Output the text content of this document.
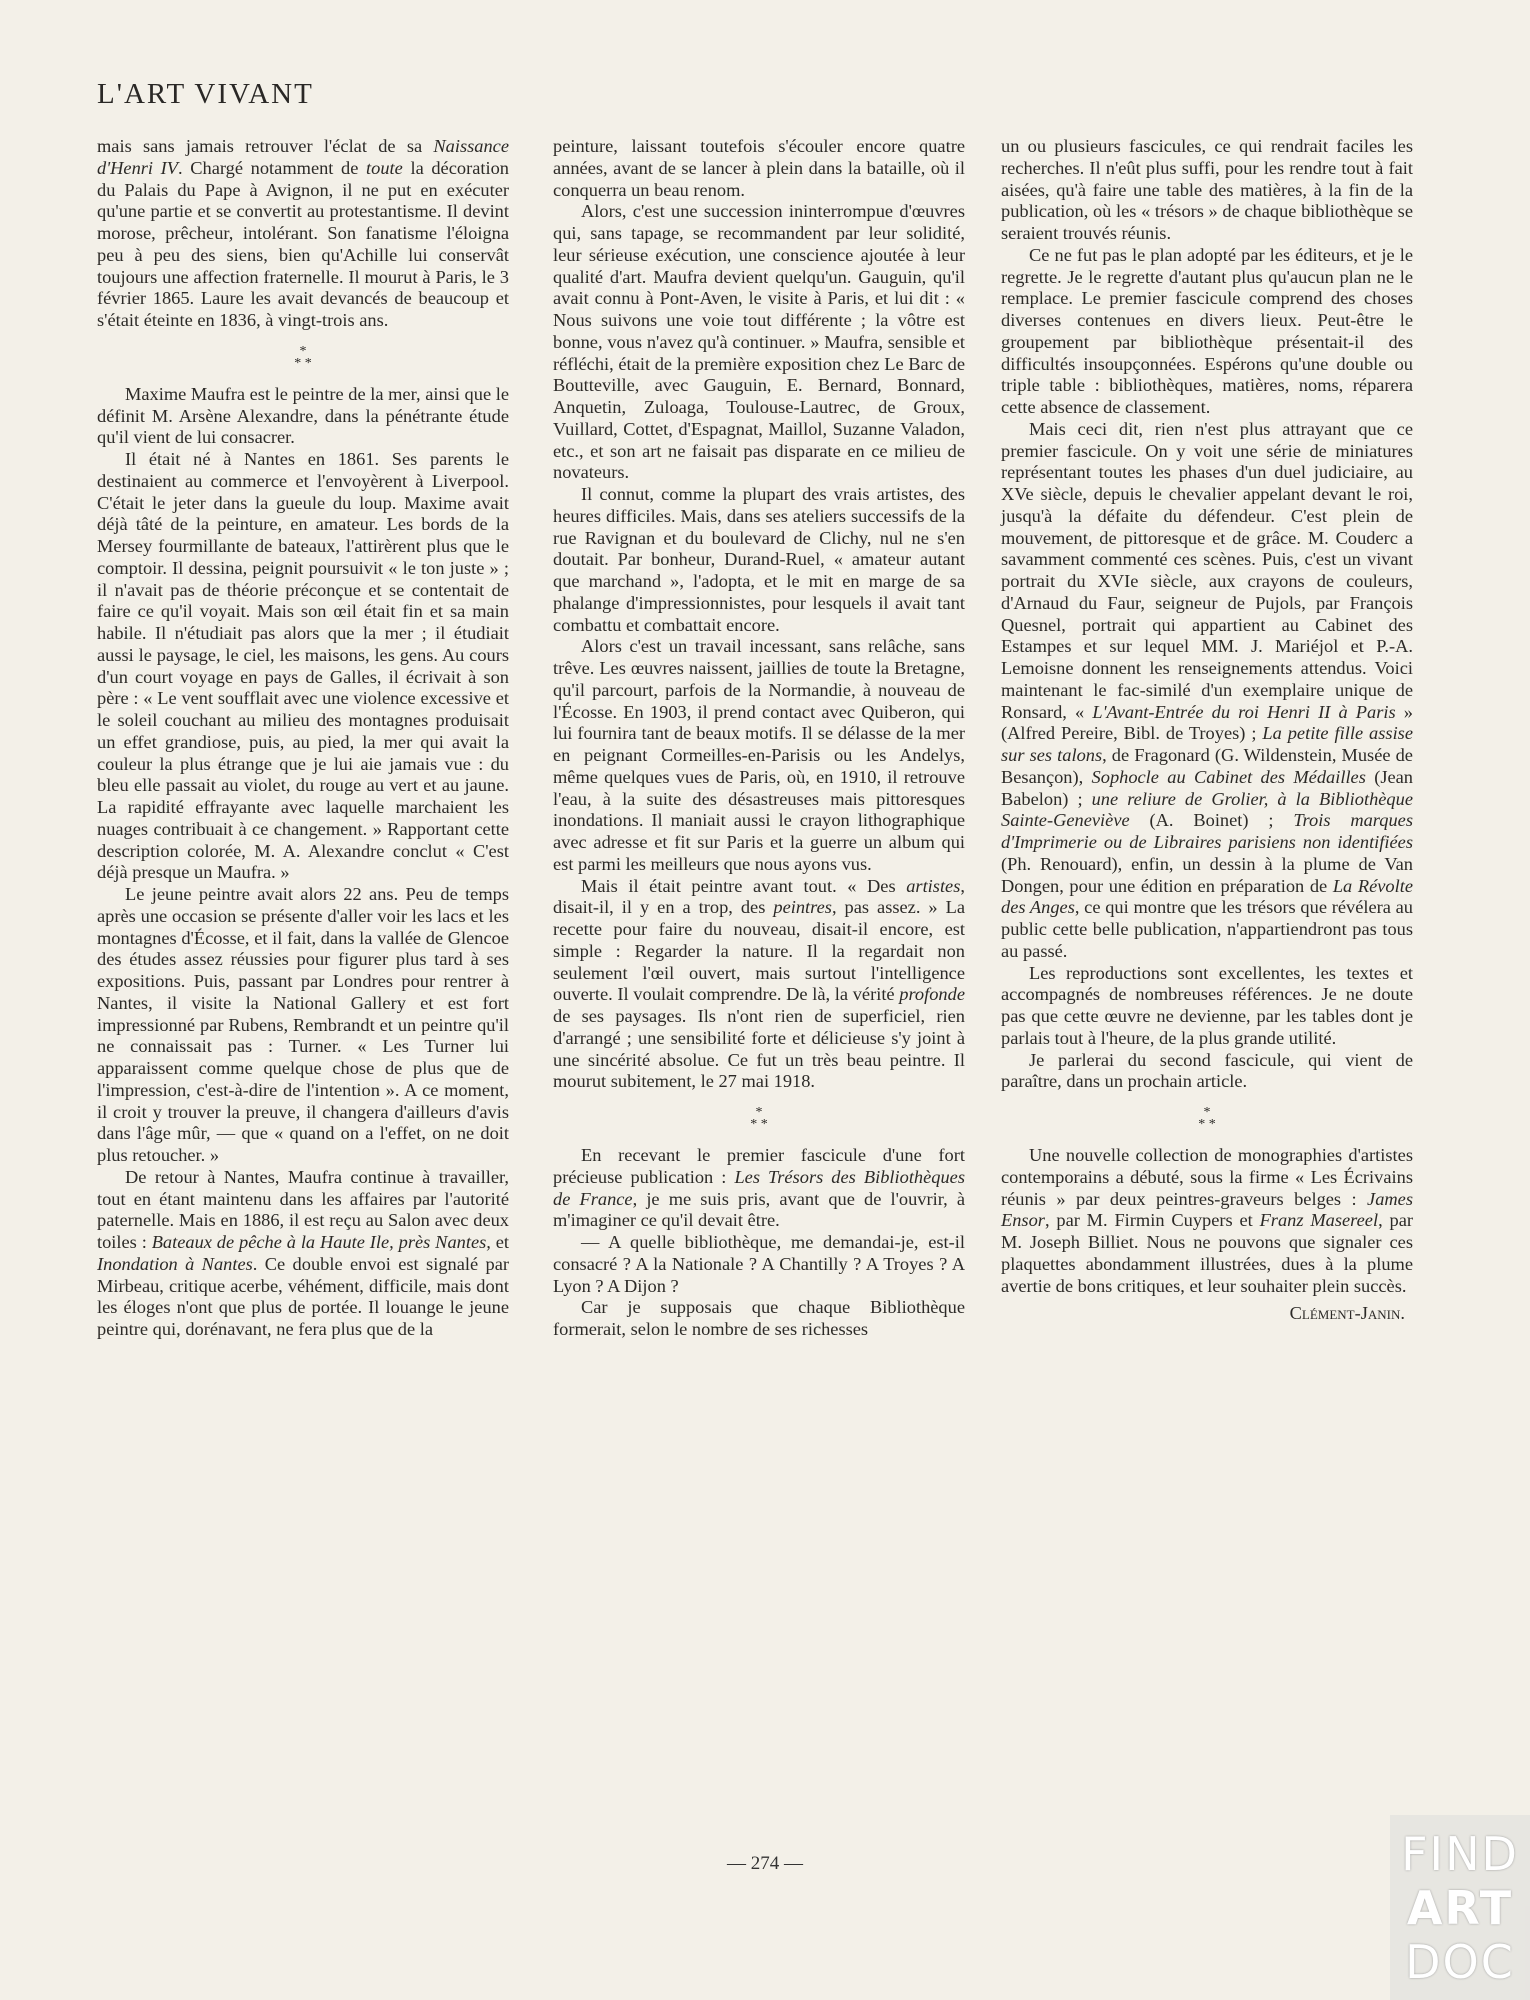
L'ART VIVANT

mais sans jamais retrouver l'éclat de sa Naissance d'Henri IV. Chargé notamment de toute la décoration du Palais du Pape à Avignon, il ne put en exécuter qu'une partie et se convertit au protestantisme. Il devint morose, prêcheur, intolérant. Son fanatisme l'éloigna peu à peu des siens, bien qu'Achille lui conservât toujours une affection fraternelle. Il mourut à Paris, le 3 février 1865. Laure les avait devancés de beaucoup et s'était éteinte en 1836, à vingt-trois ans.

*
* *

Maxime Maufra est le peintre de la mer, ainsi que le définit M. Arsène Alexandre, dans la pénétrante étude qu'il vient de lui consacrer.

Il était né à Nantes en 1861. Ses parents le destinaient au commerce et l'envoyèrent à Liverpool. C'était le jeter dans la gueule du loup. Maxime avait déjà tâté de la peinture, en amateur. Les bords de la Mersey fourmillante de bateaux, l'attirèrent plus que le comptoir. Il dessina, peignit poursuivit « le ton juste » ; il n'avait pas de théorie préconçue et se contentait de faire ce qu'il voyait. Mais son œil était fin et sa main habile. Il n'étudiait pas alors que la mer ; il étudiait aussi le paysage, le ciel, les maisons, les gens. Au cours d'un court voyage en pays de Galles, il écrivait à son père : « Le vent soufflait avec une violence excessive et le soleil couchant au milieu des montagnes produisait un effet grandiose, puis, au pied, la mer qui avait la couleur la plus étrange que je lui aie jamais vue : du bleu elle passait au violet, du rouge au vert et au jaune. La rapidité effrayante avec laquelle marchaient les nuages contribuait à ce changement. » Rapportant cette description colorée, M. A. Alexandre conclut « C'est déjà presque un Maufra. »

Le jeune peintre avait alors 22 ans. Peu de temps après une occasion se présente d'aller voir les lacs et les montagnes d'Écosse, et il fait, dans la vallée de Glencoe des études assez réussies pour figurer plus tard à ses expositions. Puis, passant par Londres pour rentrer à Nantes, il visite la National Gallery et est fort impressionné par Rubens, Rembrandt et un peintre qu'il ne connaissait pas : Turner. « Les Turner lui apparaissent comme quelque chose de plus que de l'impression, c'est-à-dire de l'intention ». A ce moment, il croit y trouver la preuve, il changera d'ailleurs d'avis dans l'âge mûr, — que « quand on a l'effet, on ne doit plus retoucher. »

De retour à Nantes, Maufra continue à travailler, tout en étant maintenu dans les affaires par l'autorité paternelle. Mais en 1886, il est reçu au Salon avec deux toiles : Bateaux de pêche à la Haute Ile, près Nantes, et Inondation à Nantes. Ce double envoi est signalé par Mirbeau, critique acerbe, véhément, difficile, mais dont les éloges n'ont que plus de portée. Il louange le jeune peintre qui, dorénavant, ne fera plus que de la

peinture, laissant toutefois s'écouler encore quatre années, avant de se lancer à plein dans la bataille, où il conquerra un beau renom.

Alors, c'est une succession ininterrompue d'œuvres qui, sans tapage, se recommandent par leur solidité, leur sérieuse exécution, une conscience ajoutée à leur qualité d'art. Maufra devient quelqu'un. Gauguin, qu'il avait connu à Pont-Aven, le visite à Paris, et lui dit : « Nous suivons une voie tout différente ; la vôtre est bonne, vous n'avez qu'à continuer. » Maufra, sensible et réfléchi, était de la première exposition chez Le Barc de Boutteville, avec Gauguin, E. Bernard, Bonnard, Anquetin, Zuloaga, Toulouse-Lautrec, de Groux, Vuillard, Cottet, d'Espagnat, Maillol, Suzanne Valadon, etc., et son art ne faisait pas disparate en ce milieu de novateurs.

Il connut, comme la plupart des vrais artistes, des heures difficiles. Mais, dans ses ateliers successifs de la rue Ravignan et du boulevard de Clichy, nul ne s'en doutait. Par bonheur, Durand-Ruel, « amateur autant que marchand », l'adopta, et le mit en marge de sa phalange d'impressionnistes, pour lesquels il avait tant combattu et combattait encore.

Alors c'est un travail incessant, sans relâche, sans trêve. Les œuvres naissent, jaillies de toute la Bretagne, qu'il parcourt, parfois de la Normandie, à nouveau de l'Écosse. En 1903, il prend contact avec Quiberon, qui lui fournira tant de beaux motifs. Il se délasse de la mer en peignant Cormeilles-en-Parisis ou les Andelys, même quelques vues de Paris, où, en 1910, il retrouve l'eau, à la suite des désastreuses mais pittoresques inondations. Il maniait aussi le crayon lithographique avec adresse et fit sur Paris et la guerre un album qui est parmi les meilleurs que nous ayons vus.

Mais il était peintre avant tout. « Des artistes, disait-il, il y en a trop, des peintres, pas assez. » La recette pour faire du nouveau, disait-il encore, est simple : Regarder la nature. Il la regardait non seulement l'œil ouvert, mais surtout l'intelligence ouverte. Il voulait comprendre. De là, la vérité profonde de ses paysages. Ils n'ont rien de superficiel, rien d'arrangé ; une sensibilité forte et délicieuse s'y joint à une sincérité absolue. Ce fut un très beau peintre. Il mourut subitement, le 27 mai 1918.

*
* *

En recevant le premier fascicule d'une fort précieuse publication : Les Trésors des Bibliothèques de France, je me suis pris, avant que de l'ouvrir, à m'imaginer ce qu'il devait être.

— A quelle bibliothèque, me demandai-je, est-il consacré ? A la Nationale ? A Chantilly ? A Troyes ? A Lyon ? A Dijon ?

Car je supposais que chaque Bibliothèque formerait, selon le nombre de ses richesses

un ou plusieurs fascicules, ce qui rendrait faciles les recherches. Il n'eût plus suffi, pour les rendre tout à fait aisées, qu'à faire une table des matières, à la fin de la publication, où les « trésors » de chaque bibliothèque se seraient trouvés réunis.

Ce ne fut pas le plan adopté par les éditeurs, et je le regrette. Je le regrette d'autant plus qu'aucun plan ne le remplace. Le premier fascicule comprend des choses diverses contenues en divers lieux. Peut-être le groupement par bibliothèque présentait-il des difficultés insoupçonnées. Espérons qu'une double ou triple table : bibliothèques, matières, noms, réparera cette absence de classement.

Mais ceci dit, rien n'est plus attrayant que ce premier fascicule. On y voit une série de miniatures représentant toutes les phases d'un duel judiciaire, au XVe siècle, depuis le chevalier appelant devant le roi, jusqu'à la défaite du défendeur. C'est plein de mouvement, de pittoresque et de grâce. M. Couderc a savamment commenté ces scènes. Puis, c'est un vivant portrait du XVIe siècle, aux crayons de couleurs, d'Arnaud du Faur, seigneur de Pujols, par François Quesnel, portrait qui appartient au Cabinet des Estampes et sur lequel MM. J. Mariéjol et P.-A. Lemoisne donnent les renseignements attendus. Voici maintenant le fac-similé d'un exemplaire unique de Ronsard, « L'Avant-Entrée du roi Henri II à Paris » (Alfred Pereire, Bibl. de Troyes) ; La petite fille assise sur ses talons, de Fragonard (G. Wildenstein, Musée de Besançon), Sophocle au Cabinet des Médailles (Jean Babelon) ; une reliure de Grolier, à la Bibliothèque Sainte-Geneviève (A. Boinet) ; Trois marques d'Imprimerie ou de Libraires parisiens non identifiées (Ph. Renouard), enfin, un dessin à la plume de Van Dongen, pour une édition en préparation de La Révolte des Anges, ce qui montre que les trésors que révélera au public cette belle publication, n'appartiendront pas tous au passé.

Les reproductions sont excellentes, les textes et accompagnés de nombreuses références. Je ne doute pas que cette œuvre ne devienne, par les tables dont je parlais tout à l'heure, de la plus grande utilité.

Je parlerai du second fascicule, qui vient de paraître, dans un prochain article.

*
* *

Une nouvelle collection de monographies d'artistes contemporains a débuté, sous la firme « Les Écrivains réunis » par deux peintres-graveurs belges : James Ensor, par M. Firmin Cuypers et Franz Masereel, par M. Joseph Billiet. Nous ne pouvons que signaler ces plaquettes abondamment illustrées, dues à la plume avertie de bons critiques, et leur souhaiter plein succès.

Clément-Janin.

— 274 —	FIND
ART
DOC
